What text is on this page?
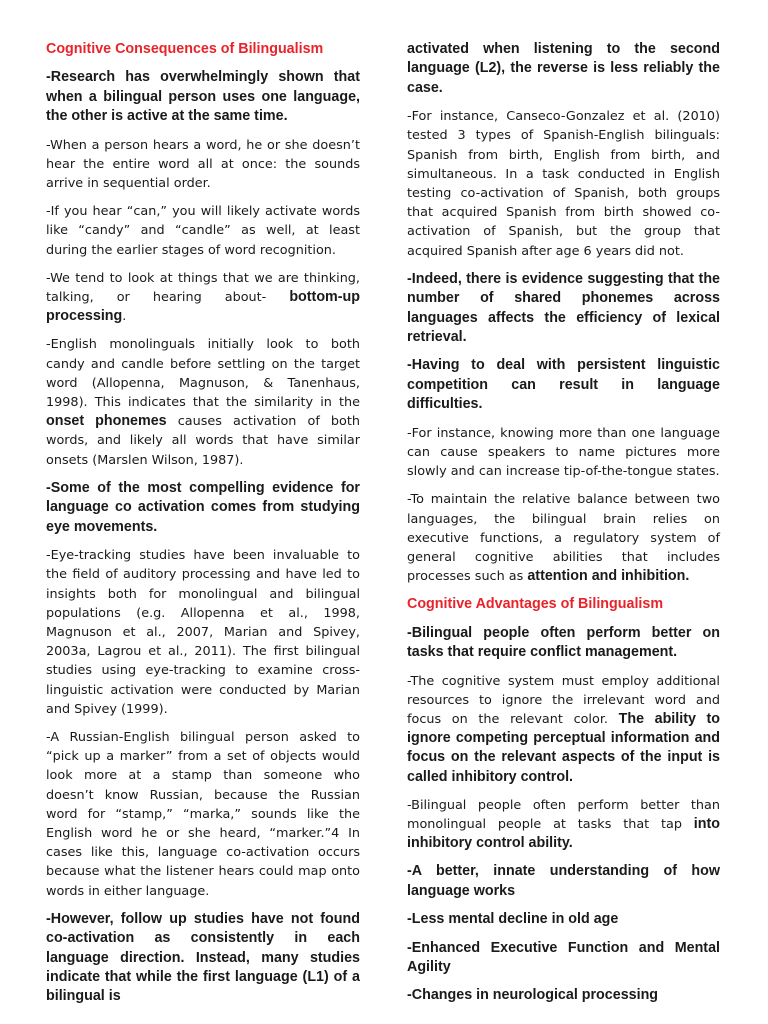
Cognitive Consequences of Bilingualism

-Research has overwhelmingly shown that when a bilingual person uses one language, the other is active at the same time.

-When a person hears a word, he or she doesn’t hear the entire word all at once: the sounds arrive in sequential order.

-If you hear “can,” you will likely activate words like “candy” and “candle” as well, at least during the earlier stages of word recognition.

-We tend to look at things that we are thinking, talking, or hearing about- bottom-up processing.

-English monolinguals initially look to both candy and candle before settling on the target word (Allopenna, Magnuson, & Tanenhaus, 1998). This indicates that the similarity in the onset phonemes causes activation of both words, and likely all words that have similar onsets (Marslen Wilson, 1987).

-Some of the most compelling evidence for language co activation comes from studying eye movements.

-Eye-tracking studies have been invaluable to the field of auditory processing and have led to insights both for monolingual and bilingual populations (e.g. Allopenna et al., 1998, Magnuson et al., 2007, Marian and Spivey, 2003a, Lagrou et al., 2011). The first bilingual studies using eye-tracking to examine cross-linguistic activation were conducted by Marian and Spivey (1999).

-A Russian-English bilingual person asked to “pick up a marker” from a set of objects would look more at a stamp than someone who doesn’t know Russian, because the Russian word for “stamp,” “marka,” sounds like the English word he or she heard, “marker.”4 In cases like this, language co-activation occurs because what the listener hears could map onto words in either language.

-However, follow up studies have not found co-activation as consistently in each language direction. Instead, many studies indicate that while the first language (L1) of a bilingual is

activated when listening to the second language (L2), the reverse is less reliably the case.

-For instance, Canseco-Gonzalez et al. (2010) tested 3 types of Spanish-English bilinguals: Spanish from birth, English from birth, and simultaneous. In a task conducted in English testing co-activation of Spanish, both groups that acquired Spanish from birth showed co-activation of Spanish, but the group that acquired Spanish after age 6 years did not.

-Indeed, there is evidence suggesting that the number of shared phonemes across languages affects the efficiency of lexical retrieval.

-Having to deal with persistent linguistic competition can result in language difficulties.

-For instance, knowing more than one language can cause speakers to name pictures more slowly and can increase tip-of-the-tongue states.

-To maintain the relative balance between two languages, the bilingual brain relies on executive functions, a regulatory system of general cognitive abilities that includes processes such as attention and inhibition.

Cognitive Advantages of Bilingualism

-Bilingual people often perform better on tasks that require conflict management.

-The cognitive system must employ additional resources to ignore the irrelevant word and focus on the relevant color. The ability to ignore competing perceptual information and focus on the relevant aspects of the input is called inhibitory control.

-Bilingual people often perform better than monolingual people at tasks that tap into inhibitory control ability.

-A better, innate understanding of how language works

-Less mental decline in old age

-Enhanced Executive Function and Mental Agility

-Changes in neurological processing
